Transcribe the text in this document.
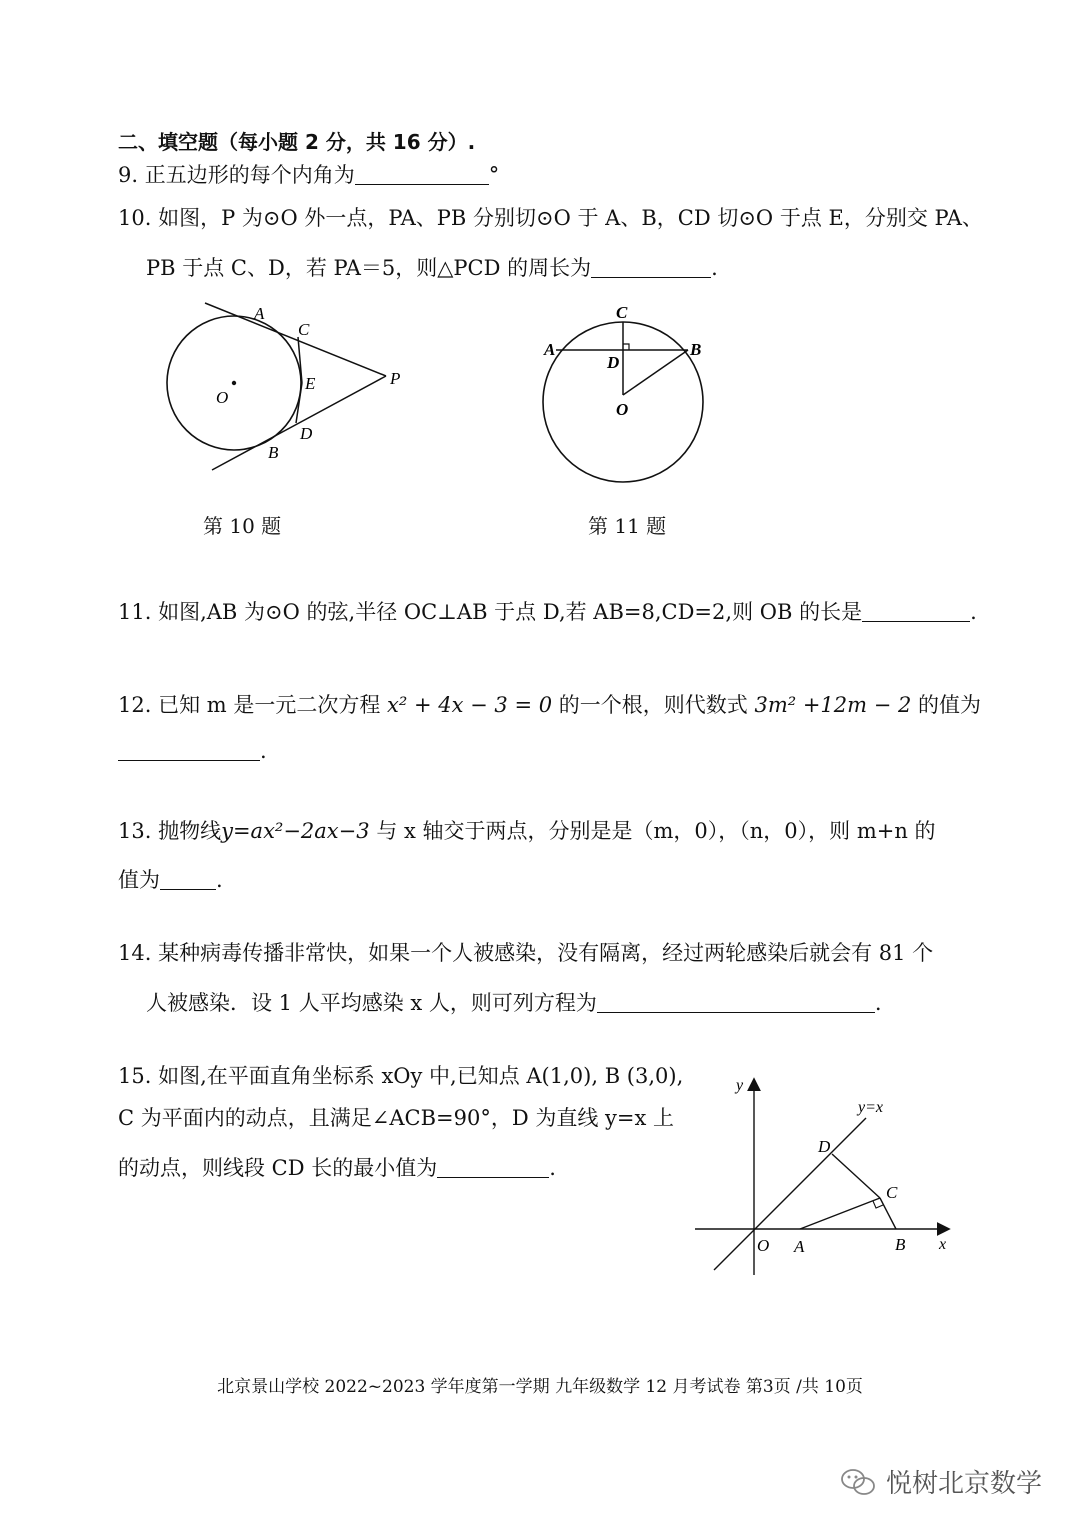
二、填空题（每小题 2 分，共 16 分）.
9. 正五边形的每个内角为	°
10. 如图，P 为⊙O 外一点，PA、PB 分别切⊙O 于 A、B，CD 切⊙O 于点 E，分别交 PA、
PB 于点 C、D，若 PA＝5，则△PCD 的周长为	.
A
C
E
O
P
D
B
第 10 题
C
A	B
D
O
第 11 题
11. 如图,AB 为⊙O 的弦,半径 OC⊥AB 于点 D,若 AB=8,CD=2,则 OB 的长是	.
12. 已知 m 是一元二次方程 x² + 4x − 3 = 0 的一个根，则代数式 3m² +12m − 2 的值为
.
13. 抛物线y=ax²−2ax−3 与 x 轴交于两点，分别是是（m，0），（n，0），则 m+n 的
值为	.
14. 某种病毒传播非常快，如果一个人被感染，没有隔离，经过两轮感染后就会有 81 个
人被感染．设 1 人平均感染 x 人，则可列方程为	.
15. 如图,在平面直角坐标系 xOy 中,已知点 A(1,0), B (3,0),
C 为平面内的动点，且满足∠ACB=90°，D 为直线 y=x 上
的动点，则线段 CD 长的最小值为	.
y
y=x
D
C
O A	B x
北京景山学校 2022~2023 学年度第一学期 九年级数学 12 月考试卷 第3页 /共 10页
悦树北京数学
